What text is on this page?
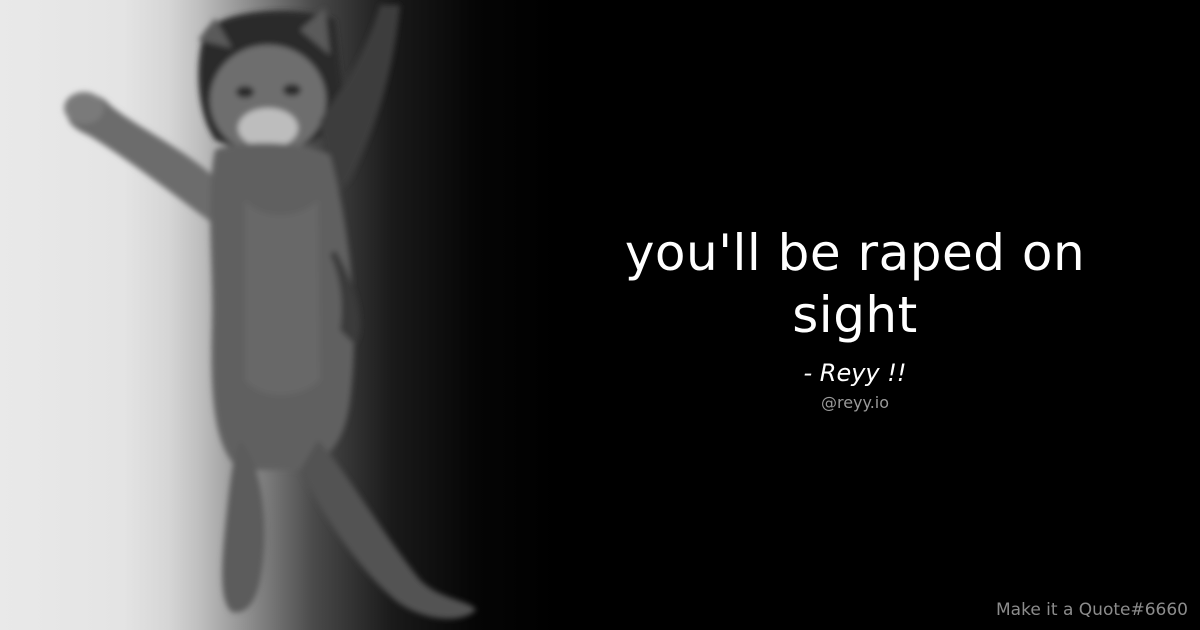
you'll be raped on
sight

- Reyy !!
@reyy.io
Make it a Quote#6660
